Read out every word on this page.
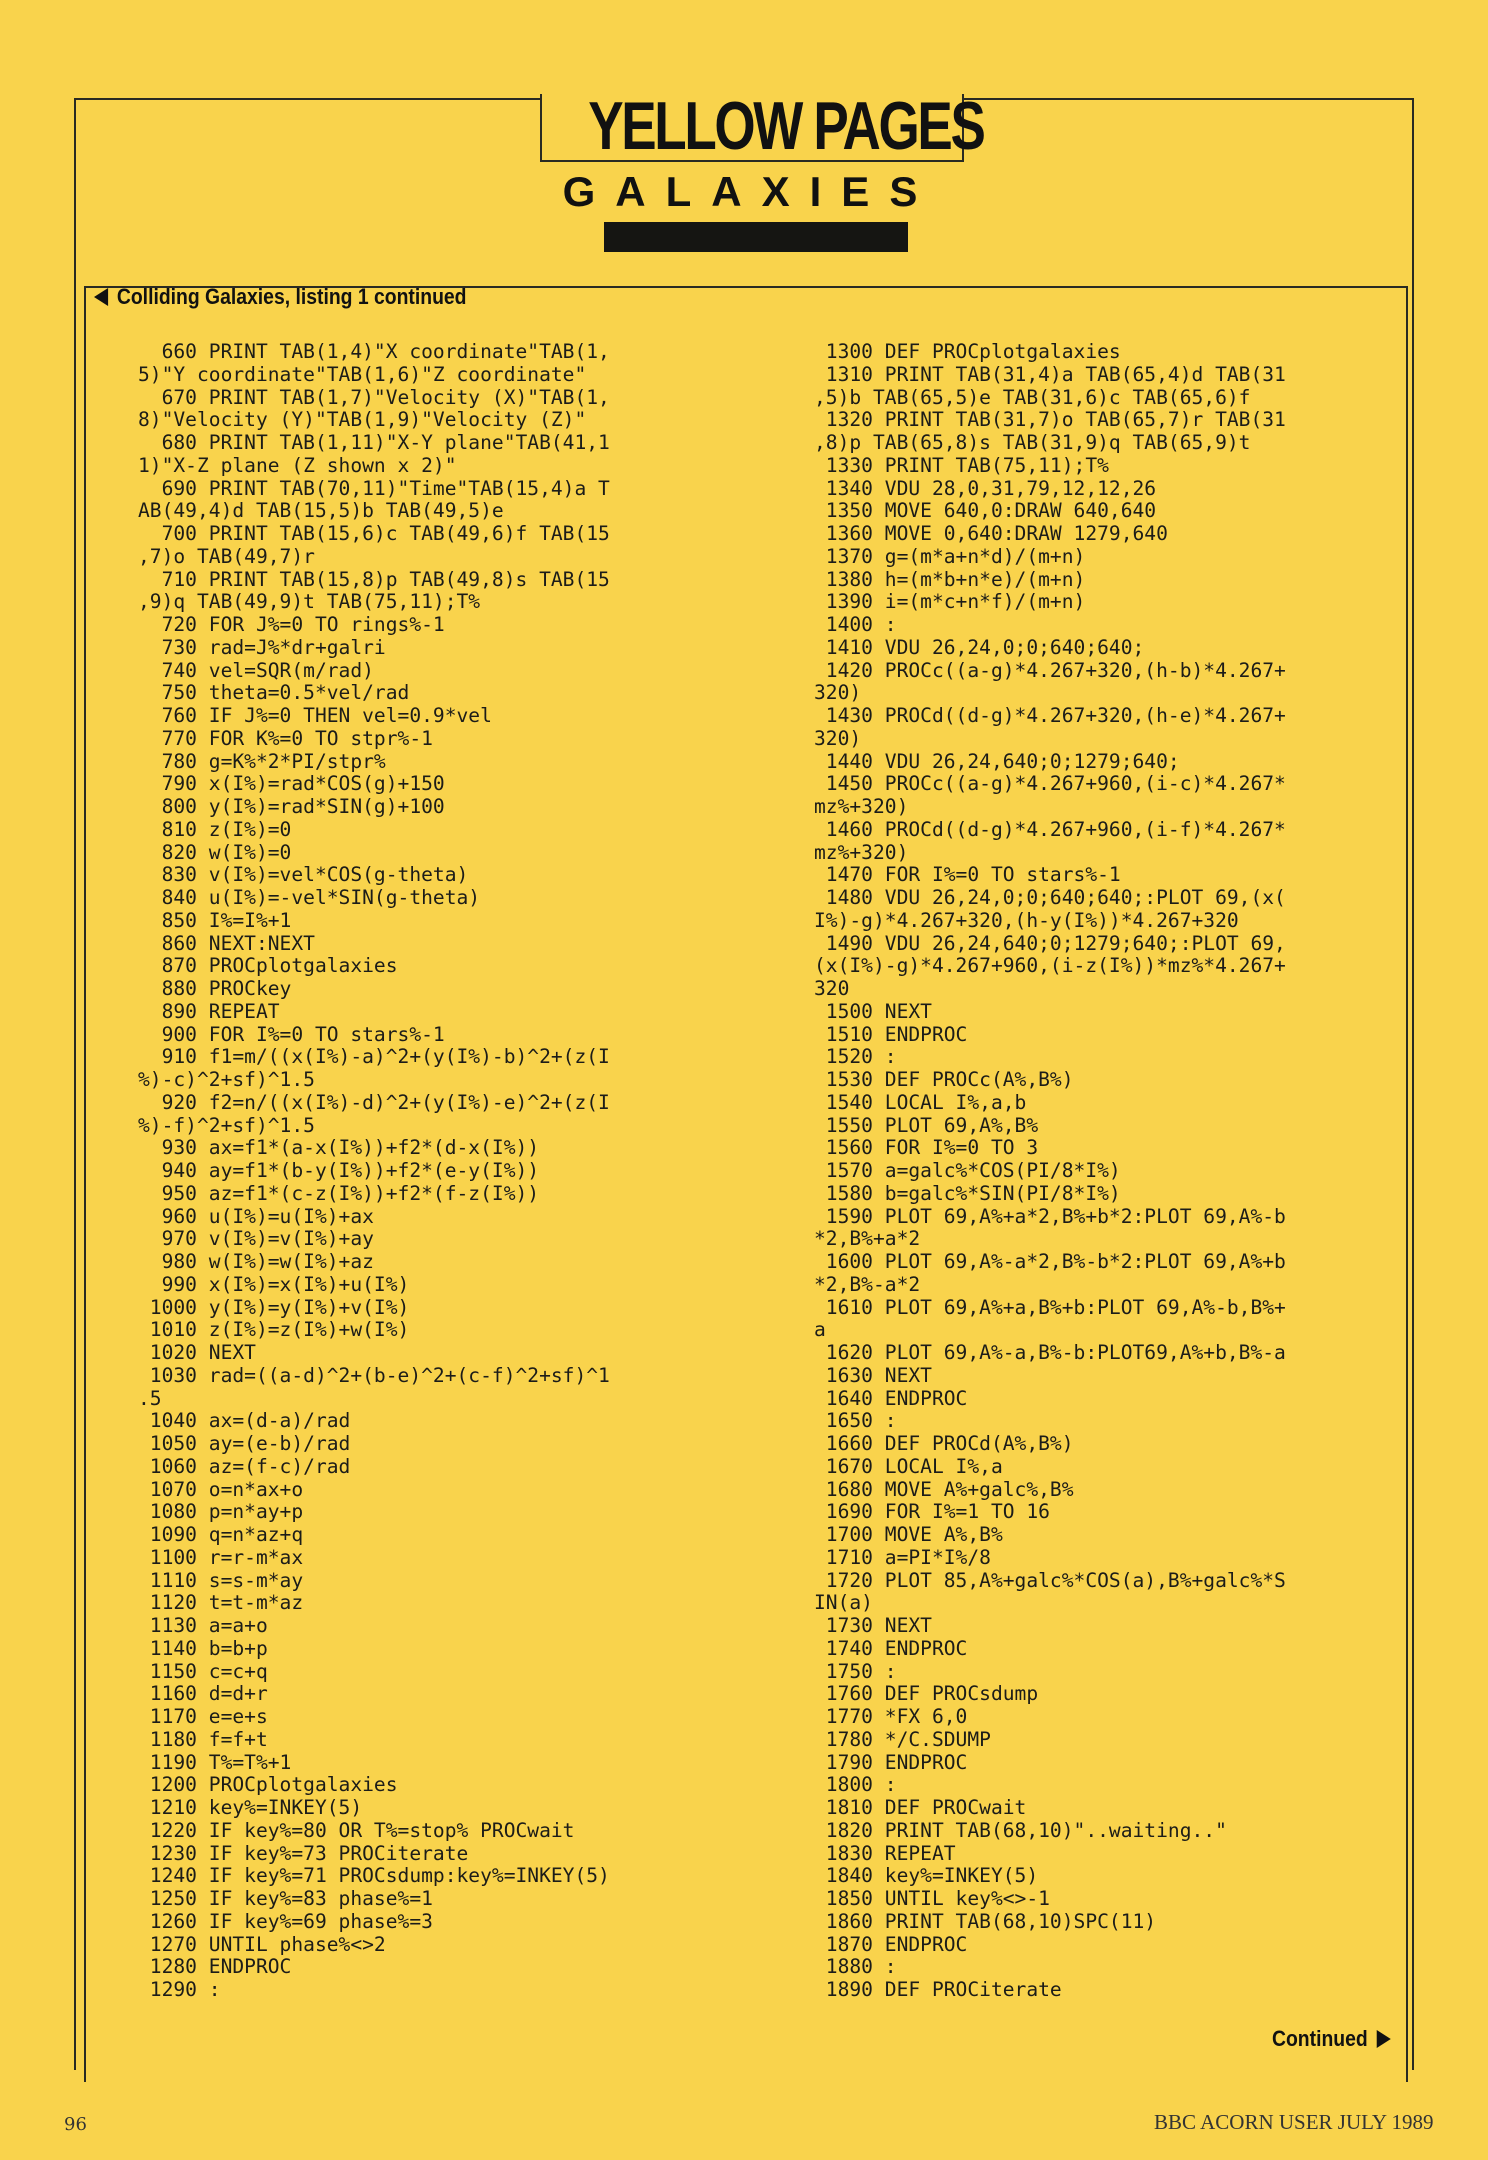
YELLOW PAGES
GALAXIES
Colliding Galaxies, listing 1 continued
660 PRINT TAB(1,4)"X coordinate"TAB(1,
5)"Y coordinate"TAB(1,6)"Z coordinate"
670 PRINT TAB(1,7)"Velocity (X)"TAB(1,
8)"Velocity (Y)"TAB(1,9)"Velocity (Z)"
680 PRINT TAB(1,11)"X-Y plane"TAB(41,1
1)"X-Z plane (Z shown x 2)"
690 PRINT TAB(70,11)"Time"TAB(15,4)a T
AB(49,4)d TAB(15,5)b TAB(49,5)e
700 PRINT TAB(15,6)c TAB(49,6)f TAB(15
,7)o TAB(49,7)r
710 PRINT TAB(15,8)p TAB(49,8)s TAB(15
,9)q TAB(49,9)t TAB(75,11);T%
720 FOR J%=0 TO rings%-1
730 rad=J%*dr+galri
740 vel=SQR(m/rad)
750 theta=0.5*vel/rad
760 IF J%=0 THEN vel=0.9*vel
770 FOR K%=0 TO stpr%-1
780 g=K%*2*PI/stpr%
790 x(I%)=rad*COS(g)+150
800 y(I%)=rad*SIN(g)+100
810 z(I%)=0
820 w(I%)=0
830 v(I%)=vel*COS(g-theta)
840 u(I%)=-vel*SIN(g-theta)
850 I%=I%+1
860 NEXT:NEXT
870 PROCplotgalaxies
880 PROCkey
890 REPEAT
900 FOR I%=0 TO stars%-1
910 f1=m/((x(I%)-a)^2+(y(I%)-b)^2+(z(I
%)-c)^2+sf)^1.5
920 f2=n/((x(I%)-d)^2+(y(I%)-e)^2+(z(I
%)-f)^2+sf)^1.5
930 ax=f1*(a-x(I%))+f2*(d-x(I%))
940 ay=f1*(b-y(I%))+f2*(e-y(I%))
950 az=f1*(c-z(I%))+f2*(f-z(I%))
960 u(I%)=u(I%)+ax
970 v(I%)=v(I%)+ay
980 w(I%)=w(I%)+az
990 x(I%)=x(I%)+u(I%)
1000 y(I%)=y(I%)+v(I%)
1010 z(I%)=z(I%)+w(I%)
1020 NEXT
1030 rad=((a-d)^2+(b-e)^2+(c-f)^2+sf)^1
.5
1040 ax=(d-a)/rad
1050 ay=(e-b)/rad
1060 az=(f-c)/rad
1070 o=n*ax+o
1080 p=n*ay+p
1090 q=n*az+q
1100 r=r-m*ax
1110 s=s-m*ay
1120 t=t-m*az
1130 a=a+o
1140 b=b+p
1150 c=c+q
1160 d=d+r
1170 e=e+s
1180 f=f+t
1190 T%=T%+1
1200 PROCplotgalaxies
1210 key%=INKEY(5)
1220 IF key%=80 OR T%=stop% PROCwait
1230 IF key%=73 PROCiterate
1240 IF key%=71 PROCsdump:key%=INKEY(5)
1250 IF key%=83 phase%=1
1260 IF key%=69 phase%=3
1270 UNTIL phase%<>2
1280 ENDPROC
1290 :
1300 DEF PROCplotgalaxies
1310 PRINT TAB(31,4)a TAB(65,4)d TAB(31
,5)b TAB(65,5)e TAB(31,6)c TAB(65,6)f
1320 PRINT TAB(31,7)o TAB(65,7)r TAB(31
,8)p TAB(65,8)s TAB(31,9)q TAB(65,9)t
1330 PRINT TAB(75,11);T%
1340 VDU 28,0,31,79,12,12,26
1350 MOVE 640,0:DRAW 640,640
1360 MOVE 0,640:DRAW 1279,640
1370 g=(m*a+n*d)/(m+n)
1380 h=(m*b+n*e)/(m+n)
1390 i=(m*c+n*f)/(m+n)
1400 :
1410 VDU 26,24,0;0;640;640;
1420 PROCc((a-g)*4.267+320,(h-b)*4.267+
320)
1430 PROCd((d-g)*4.267+320,(h-e)*4.267+
320)
1440 VDU 26,24,640;0;1279;640;
1450 PROCc((a-g)*4.267+960,(i-c)*4.267*
mz%+320)
1460 PROCd((d-g)*4.267+960,(i-f)*4.267*
mz%+320)
1470 FOR I%=0 TO stars%-1
1480 VDU 26,24,0;0;640;640;:PLOT 69,(x(
I%)-g)*4.267+320,(h-y(I%))*4.267+320
1490 VDU 26,24,640;0;1279;640;:PLOT 69,
(x(I%)-g)*4.267+960,(i-z(I%))*mz%*4.267+
320
1500 NEXT
1510 ENDPROC
1520 :
1530 DEF PROCc(A%,B%)
1540 LOCAL I%,a,b
1550 PLOT 69,A%,B%
1560 FOR I%=0 TO 3
1570 a=galc%*COS(PI/8*I%)
1580 b=galc%*SIN(PI/8*I%)
1590 PLOT 69,A%+a*2,B%+b*2:PLOT 69,A%-b
*2,B%+a*2
1600 PLOT 69,A%-a*2,B%-b*2:PLOT 69,A%+b
*2,B%-a*2
1610 PLOT 69,A%+a,B%+b:PLOT 69,A%-b,B%+
a
1620 PLOT 69,A%-a,B%-b:PLOT69,A%+b,B%-a
1630 NEXT
1640 ENDPROC
1650 :
1660 DEF PROCd(A%,B%)
1670 LOCAL I%,a
1680 MOVE A%+galc%,B%
1690 FOR I%=1 TO 16
1700 MOVE A%,B%
1710 a=PI*I%/8
1720 PLOT 85,A%+galc%*COS(a),B%+galc%*S
IN(a)
1730 NEXT
1740 ENDPROC
1750 :
1760 DEF PROCsdump
1770 *FX 6,0
1780 */C.SDUMP
1790 ENDPROC
1800 :
1810 DEF PROCwait
1820 PRINT TAB(68,10)"..waiting.."
1830 REPEAT
1840 key%=INKEY(5)
1850 UNTIL key%<>-1
1860 PRINT TAB(68,10)SPC(11)
1870 ENDPROC
1880 :
1890 DEF PROCiterate
Continued
96	BBC ACORN USER JULY 1989
